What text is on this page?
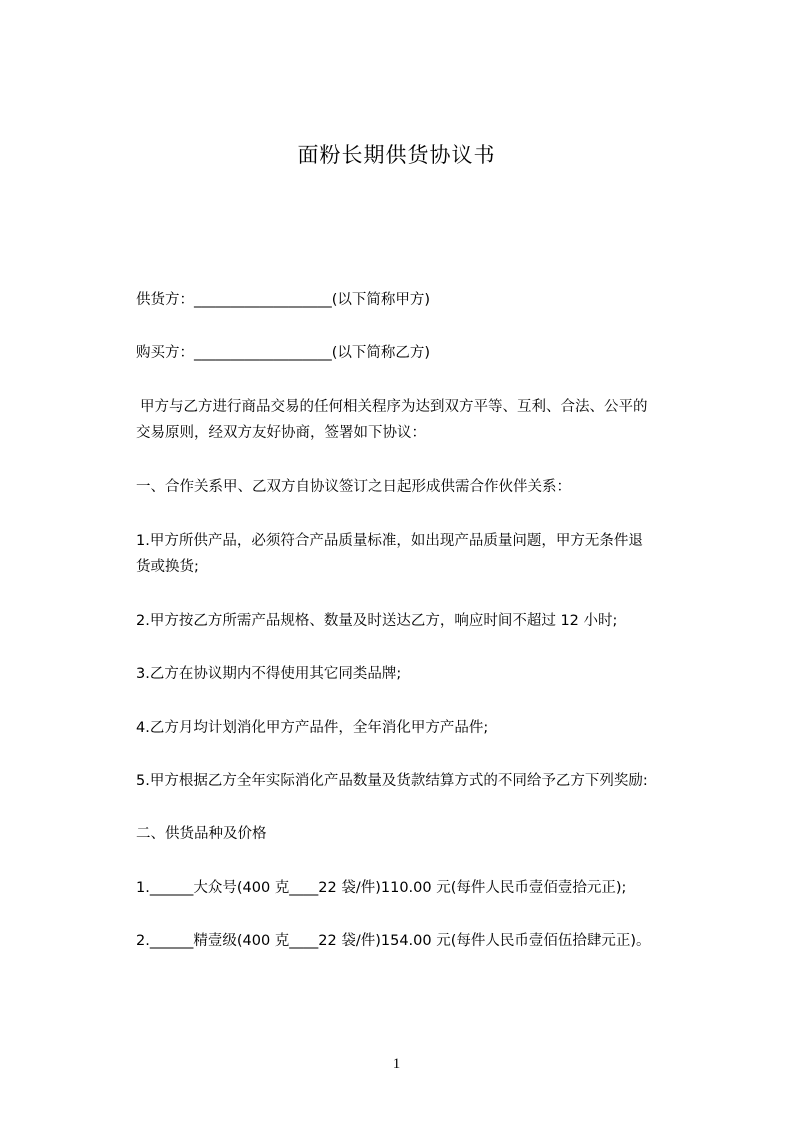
面粉长期供货协议书
供货方：___________________(以下简称甲方)
购买方：___________________(以下简称乙方)
甲方与乙方进行商品交易的任何相关程序为达到双方平等、互利、合法、公平的
交易原则，经双方友好协商，签署如下协议：
一、合作关系甲、乙双方自协议签订之日起形成供需合作伙伴关系：
1.甲方所供产品，必须符合产品质量标准，如出现产品质量问题，甲方无条件退
货或换货;
2.甲方按乙方所需产品规格、数量及时送达乙方，响应时间不超过 12 小时;
3.乙方在协议期内不得使用其它同类品牌;
4.乙方月均计划消化甲方产品件，全年消化甲方产品件;
5.甲方根据乙方全年实际消化产品数量及货款结算方式的不同给予乙方下列奖励:
二、供货品种及价格
1.______大众号(400 克____22 袋/件)110.00 元(每件人民币壹佰壹拾元正);
2.______精壹级(400 克____22 袋/件)154.00 元(每件人民币壹佰伍拾肆元正)。
1
